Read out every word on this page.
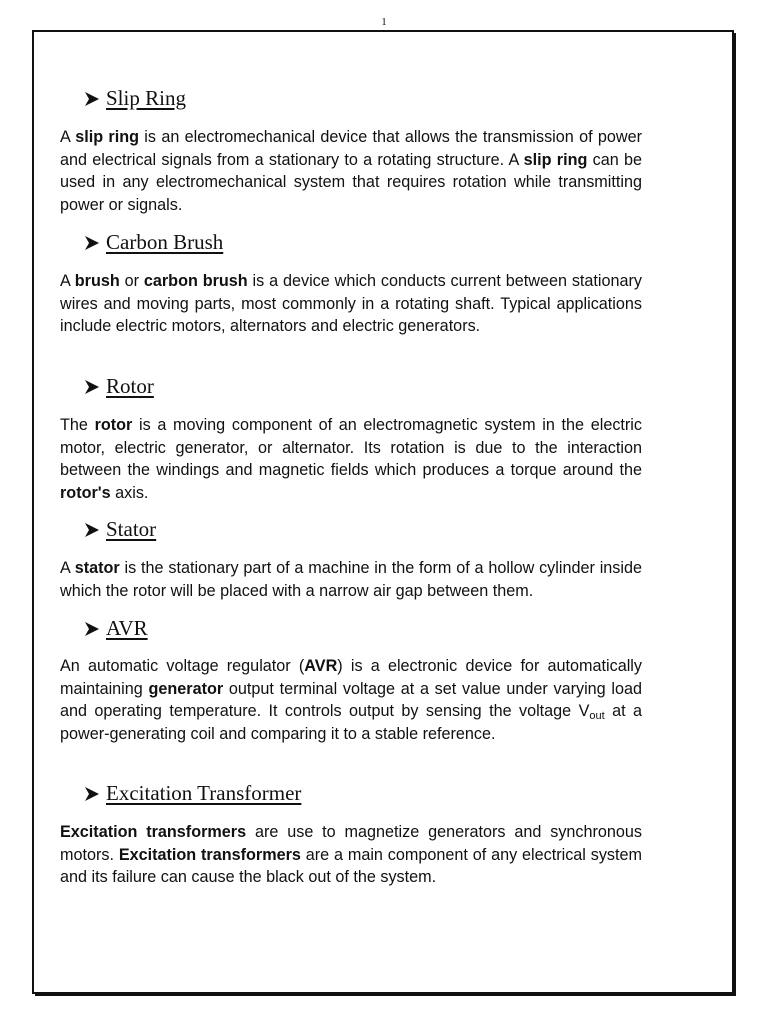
1
Slip Ring
A slip ring is an electromechanical device that allows the transmission of power and electrical signals from a stationary to a rotating structure. A slip ring can be used in any electromechanical system that requires rotation while transmitting power or signals.
Carbon Brush
A brush or carbon brush is a device which conducts current between stationary wires and moving parts, most commonly in a rotating shaft. Typical applications include electric motors, alternators and electric generators.
Rotor
The rotor is a moving component of an electromagnetic system in the electric motor, electric generator, or alternator. Its rotation is due to the interaction between the windings and magnetic fields which produces a torque around the rotor's axis.
Stator
A stator is the stationary part of a machine in the form of a hollow cylinder inside which the rotor will be placed with a narrow air gap between them.
AVR
An automatic voltage regulator (AVR) is a electronic device for automatically maintaining generator output terminal voltage at a set value under varying load and operating temperature. It controls output by sensing the voltage $V_{out}$ at a power-generating coil and comparing it to a stable reference.
Excitation Transformer
Excitation transformers are use to magnetize generators and synchronous motors. Excitation transformers are a main component of any electrical system and its failure can cause the black out of the system.
